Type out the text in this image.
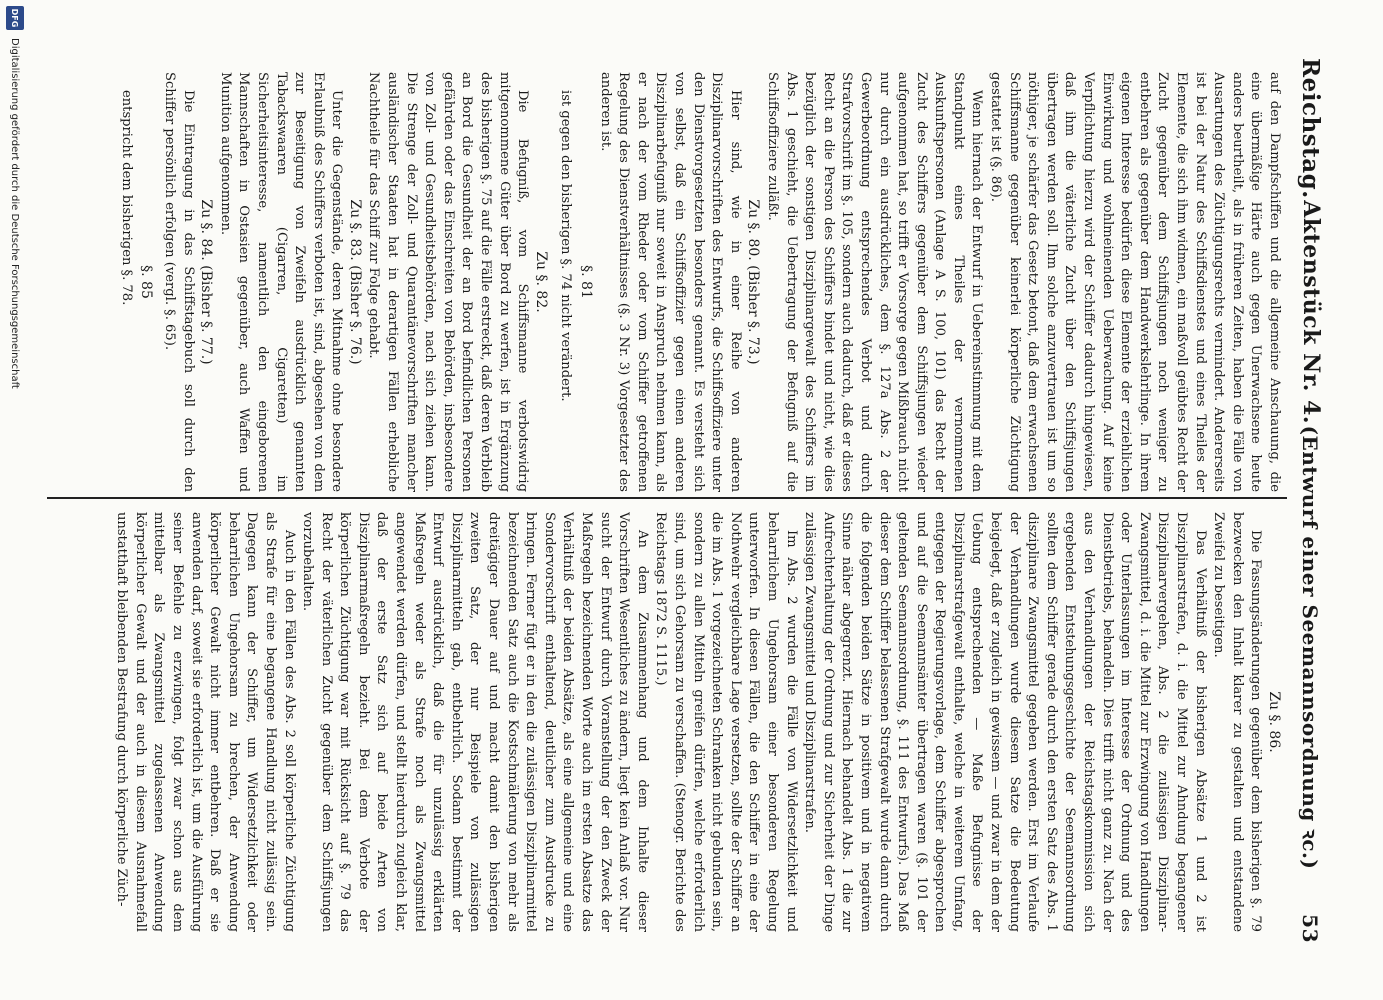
Reichstag.
Aktenstück Nr. 4.
(Entwurf einer Seemannsordnung ꝛc.)      53

auf den Dampfschiffen und die allgemeine Anschauung, die eine übermäßige Härte auch gegen Unerwachsene heute anders beurtheilt, als in früheren Zeiten, haben die Fälle von Ausartungen des Züchtigungsrechts vermindert. Andererseits ist bei der Natur des Schiffsdienstes und eines Theiles der Elemente, die sich ihm widmen, ein maßvoll geübtes Recht der Zucht gegenüber dem Schiffsjungen noch weniger zu entbehren als gegenüber dem Handwerkslehrlinge. In ihrem eigenen Interesse bedürfen diese Elemente der erziehlichen Einwirkung und wohlmeinenden Ueberwachung. Auf keine Verpflichtung hierzu wird der Schiffer dadurch hingewiesen, daß ihm die väterliche Zucht über den Schiffsjungen übertragen werden soll. Ihm solche anzuvertrauen ist um so nöthiger, je schärfer das Gesetz betont, daß dem erwachsenen Schiffsmanne gegenüber keinerlei körperliche Züchtigung gestattet ist (§. 86).

Wenn hiernach der Entwurf in Uebereinstimmung mit dem Standpunkt eines Theiles der vernommenen Auskunftspersonen (Anlage A S. 100, 101) das Recht der Zucht des Schiffers gegenüber dem Schiffsjungen wieder aufgenommen hat, so trifft er Vorsorge gegen Mißbrauch nicht nur durch ein ausdrückliches, dem §. 127a Abs. 2 der Gewerbeordnung entsprechendes Verbot und durch Strafvorschrift im §. 105, sondern auch dadurch, daß er dieses Recht an die Person des Schiffers bindet und nicht, wie dies bezüglich der sonstigen Disziplinargewalt des Schiffers im Abs. 1 geschieht, die Uebertragung der Befugniß auf die Schiffsoffiziere zuläßt.

Zu §. 80. (Bisher §. 73.)

Hier sind, wie in einer Reihe von anderen Disziplinarvorschriften des Entwurfs, die Schiffsoffiziere unter den Dienstvorgesetzten besonders genannt. Es versteht sich von selbst, daß ein Schiffsoffizier gegen einen anderen Disziplinarbefugniß nur soweit in Anspruch nehmen kann, als er nach der vom Rheder oder vom Schiffer getroffenen Regelung des Dienstverhältnisses (§. 3 Nr. 3) Vorgesetzter des anderen ist.

§. 81

ist gegen den bisherigen §. 74 nicht verändert.

Zu §. 82.

Die Befugniß, vom Schiffsmanne verbotswidrig mitgenommene Güter über Bord zu werfen, ist in Ergänzung des bisherigen §. 75 auf die Fälle erstreckt, daß deren Verbleib an Bord die Gesundheit der an Bord befindlichen Personen gefährden oder das Einschreiten von Behörden, insbesondere von Zoll- und Gesundheitsbehörden, nach sich ziehen kann. Die Strenge der Zoll- und Quarantänevorschriften mancher ausländischer Staaten hat in derartigen Fällen erhebliche Nachtheile für das Schiff zur Folge gehabt.

Zu §. 83. (Bisher §. 76.)

Unter die Gegenstände, deren Mitnahme ohne besondere Erlaubniß des Schiffers verboten ist, sind, abgesehen von dem zur Beseitigung von Zweifeln ausdrücklich genannten Tabackswaaren (Cigarren, Cigaretten) im Sicherheitsinteresse, namentlich den eingeborenen Mannschaften in Ostasien gegenüber, auch Waffen und Munition aufgenommen.

Zu §. 84. (Bisher §. 77.)

Die Eintragung in das Schiffstagebuch soll durch den Schiffer persönlich erfolgen (vergl. §. 65).

§. 85

entspricht dem bisherigen §. 78.

Zu §. 86.

Die Fassungsänderungen gegenüber dem bisherigen §. 79 bezwecken den Inhalt klarer zu gestalten und entstandene Zweifel zu beseitigen.

Das Verhältniß der bisherigen Absätze 1 und 2 ist Disziplinarstrafen, d. i. die Mittel zur Ahndung begangener Disziplinarvergehen, Abs. 2 die zulässigen Disziplinar-Zwangsmittel, d. i. die Mittel zur Erzwingung von Handlungen oder Unterlassungen im Interesse der Ordnung und des Dienstbetriebs, behandeln. Dies trifft nicht ganz zu. Nach der aus den Verhandlungen der Reichstagskommission sich ergebenden Entstehungsgeschichte der Seemannsordnung sollten dem Schiffer gerade durch den ersten Satz des Abs. 1 disziplinare Zwangsmittel gegeben werden. Erst im Verlaufe der Verhandlungen wurde diesem Satze die Bedeutung beigelegt, daß er zugleich in gewissem — und zwar in dem der Uebung entsprechenden — Maße Befugnisse der Disziplinarstrafgewalt enthalte, welche in weiterem Umfang, entgegen der Regierungsvorlage, dem Schiffer abgesprochen und auf die Seemannsämter übertragen waren (§. 101 der geltenden Seemannsordnung, §. 111 des Entwurfs). Das Maß dieser dem Schiffer belassenen Strafgewalt wurde dann durch die folgenden beiden Sätze in positivem und in negativem Sinne näher abgegrenzt. Hiernach behandelt Abs. 1 die zur Aufrechterhaltung der Ordnung und zur Sicherheit der Dinge zulässigen Zwangsmittel und Disziplinarstrafen.

Im Abs. 2 wurden die Fälle von Widersetzlichkeit und beharrlichem Ungehorsam einer besonderen Regelung unterworfen. In diesen Fällen, die den Schiffer in eine der Nothwehr vergleichbare Lage versetzen, sollte der Schiffer an die im Abs. 1 vorgezeichneten Schranken nicht gebunden sein, sondern zu allen Mitteln greifen dürfen, welche erforderlich sind, um sich Gehorsam zu verschaffen. (Stenogr. Berichte des Reichstags 1872 S. 1115.)

An dem Zusammenhang und dem Inhalte dieser Vorschriften Wesentliches zu ändern, liegt kein Anlaß vor. Nur sucht der Entwurf durch Voranstellung der den Zweck der Maßregeln bezeichnenden Worte auch im ersten Absatze das Verhältniß der beiden Absätze, als eine allgemeine und eine Sondervorschrift enthaltend, deutlicher zum Ausdrucke zu bringen. Ferner fügt er in den die zulässigen Disziplinarmittel bezeichnenden Satz auch die Kostschmälerung von mehr als dreitägiger Dauer auf und macht damit den bisherigen zweiten Satz, der nur Beispiele von zulässigen Disziplinarmitteln gab, entbehrlich. Sodann bestimmt der Entwurf ausdrücklich, daß die für unzulässig erklärten Maßregeln weder als Strafe noch als Zwangsmittel angewendet werden dürfen, und stellt hierdurch zugleich klar, daß der erste Satz sich auf beide Arten von Disziplinarmaßregeln bezieht. Bei dem Verbote der körperlichen Züchtigung war mit Rücksicht auf §. 79 das Recht der väterlichen Zucht gegenüber dem Schiffsjungen vorzubehalten.

Auch in den Fällen des Abs. 2 soll körperliche Züchtigung als Strafe für eine begangene Handlung nicht zulässig sein. Dagegen kann der Schiffer, um Widersetzlichkeit oder beharrlichen Ungehorsam zu brechen, der Anwendung körperlicher Gewalt nicht immer entbehren. Daß er sie anwenden darf, soweit sie erforderlich ist, um die Ausführung seiner Befehle zu erzwingen, folgt zwar schon aus dem mittelbar als Zwangsmittel zugelassenen Anwendung körperlicher Gewalt und der auch in diesem Ausnahmefall unstatthaft bleibenden Bestrafung durch körperliche Züch-

DFG
Digitalisierung gefördert durch die Deutsche Forschungsgemeinschaft
